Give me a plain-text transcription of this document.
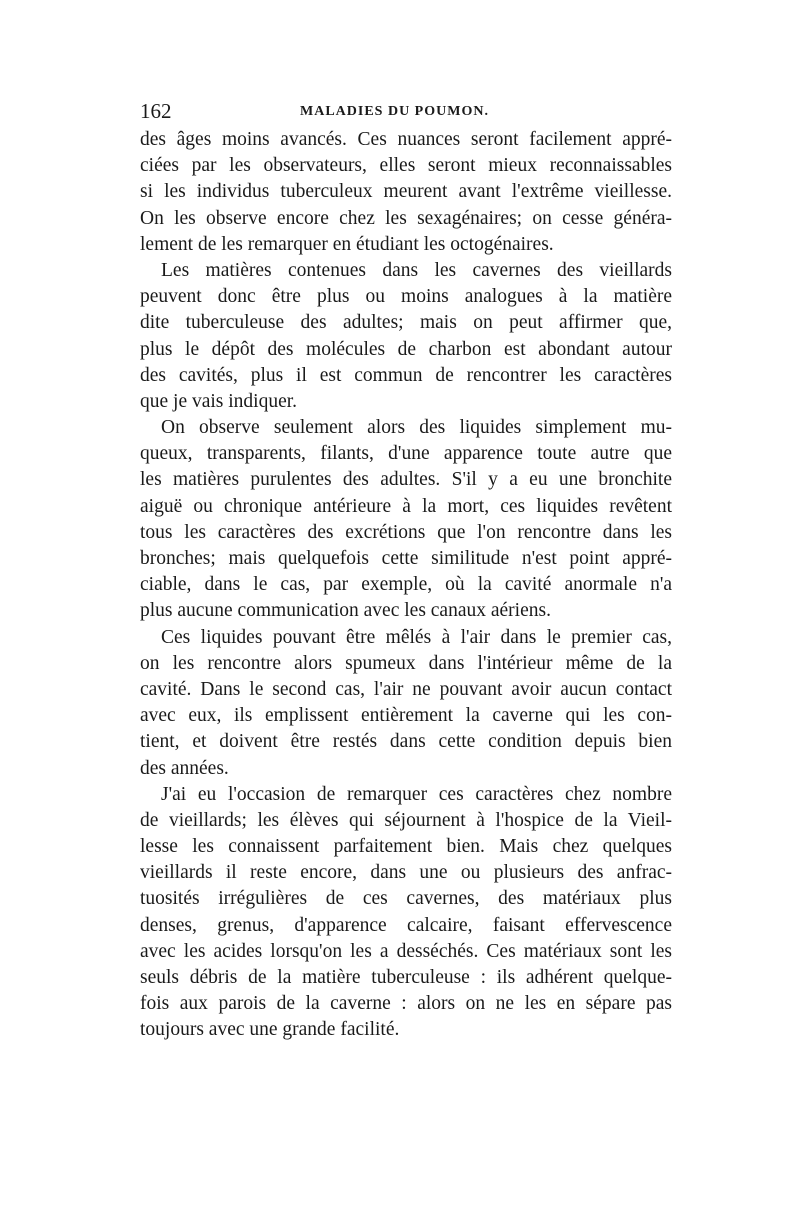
162	MALADIES DU POUMON.
des âges moins avancés. Ces nuances seront facilement appré-
ciées par les observateurs, elles seront mieux reconnaissables
si les individus tuberculeux meurent avant l'extrême vieillesse.
On les observe encore chez les sexagénaires; on cesse généra-
lement de les remarquer en étudiant les octogénaires.
Les matières contenues dans les cavernes des vieillards
peuvent donc être plus ou moins analogues à la matière
dite tuberculeuse des adultes; mais on peut affirmer que,
plus le dépôt des molécules de charbon est abondant autour
des cavités, plus il est commun de rencontrer les caractères
que je vais indiquer.
On observe seulement alors des liquides simplement mu-
queux, transparents, filants, d'une apparence toute autre que
les matières purulentes des adultes. S'il y a eu une bronchite
aiguë ou chronique antérieure à la mort, ces liquides revêtent
tous les caractères des excrétions que l'on rencontre dans les
bronches; mais quelquefois cette similitude n'est point appré-
ciable, dans le cas, par exemple, où la cavité anormale n'a
plus aucune communication avec les canaux aériens.
Ces liquides pouvant être mêlés à l'air dans le premier cas,
on les rencontre alors spumeux dans l'intérieur même de la
cavité. Dans le second cas, l'air ne pouvant avoir aucun contact
avec eux, ils emplissent entièrement la caverne qui les con-
tient, et doivent être restés dans cette condition depuis bien
des années.
J'ai eu l'occasion de remarquer ces caractères chez nombre
de vieillards; les élèves qui séjournent à l'hospice de la Vieil-
lesse les connaissent parfaitement bien. Mais chez quelques
vieillards il reste encore, dans une ou plusieurs des anfrac-
tuosités irrégulières de ces cavernes, des matériaux plus
denses, grenus, d'apparence calcaire, faisant effervescence
avec les acides lorsqu'on les a desséchés. Ces matériaux sont les
seuls débris de la matière tuberculeuse : ils adhérent quelque-
fois aux parois de la caverne : alors on ne les en sépare pas
toujours avec une grande facilité.
